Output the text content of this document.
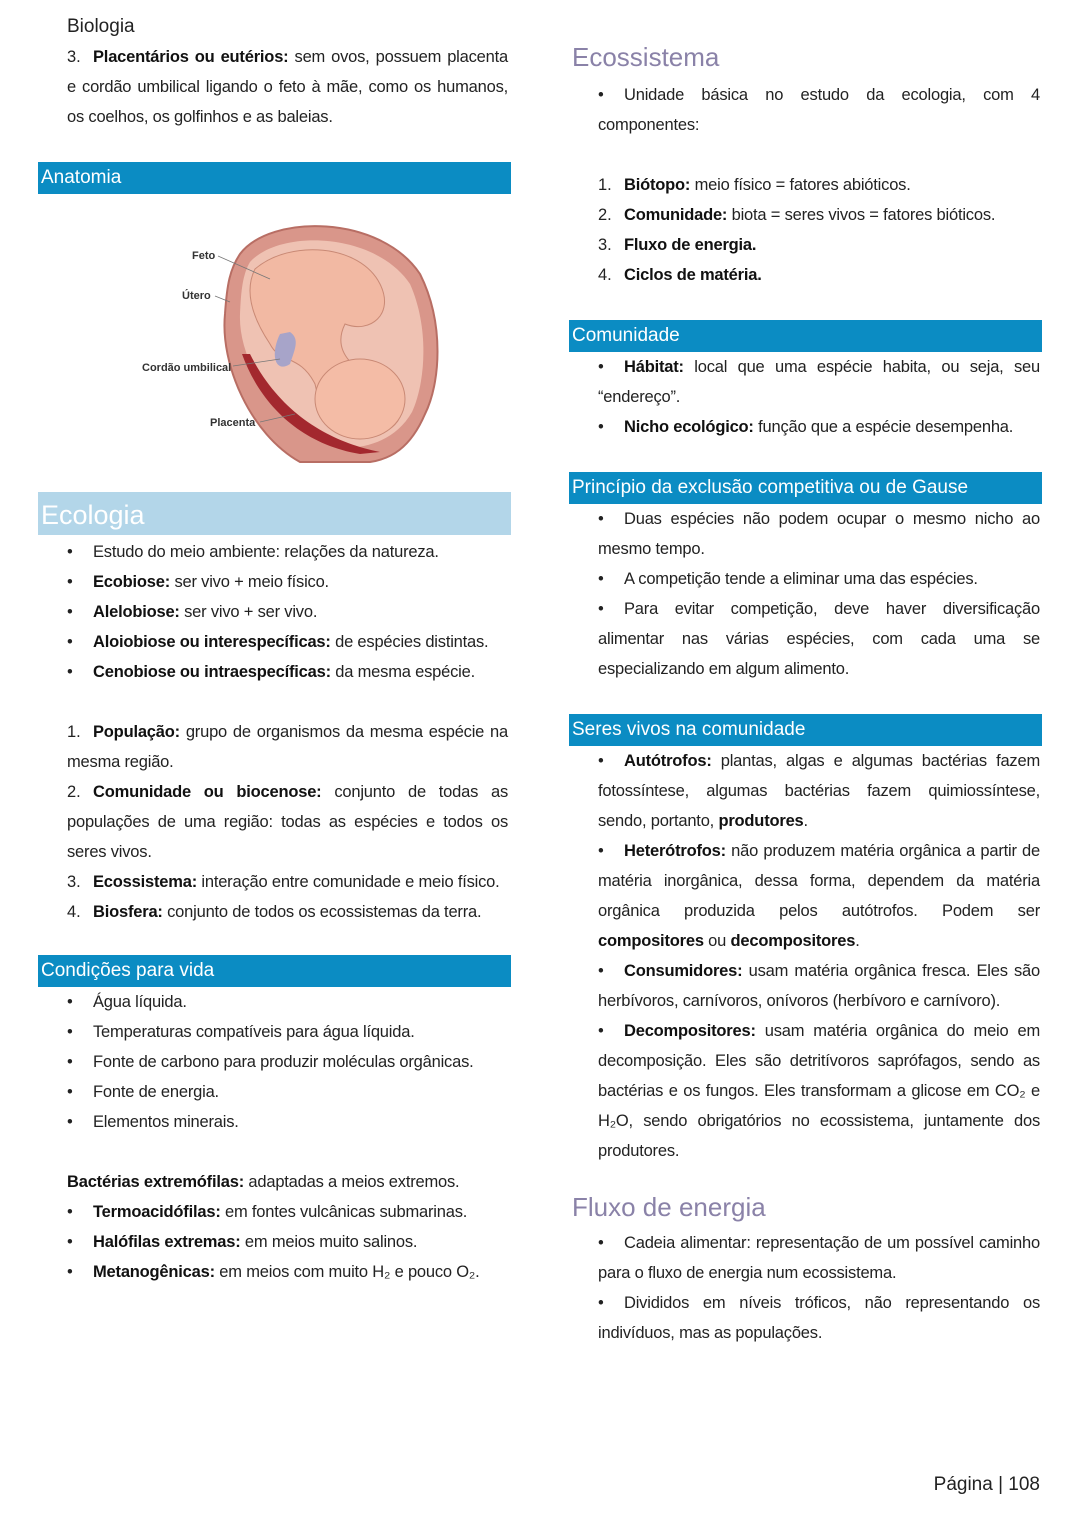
Biologia

3. Placentários ou eutérios: sem ovos, possuem placenta e cordão umbilical ligando o feto à mãe, como os humanos, os coelhos, os golfinhos e as baleias.

Anatomia
Feto
Útero
Cordão umbilical
Placenta
Ecologia

• Estudo do meio ambiente: relações da natureza.

• Ecobiose: ser vivo + meio físico.

• Alelobiose: ser vivo + ser vivo.

• Aloiobiose ou interespecíficas: de espécies distintas.

• Cenobiose ou intraespecíficas: da mesma espécie.

1. População: grupo de organismos da mesma espécie na mesma região.

2. Comunidade ou biocenose: conjunto de todas as populações de uma região: todas as espécies e todos os seres vivos.

3. Ecossistema: interação entre comunidade e meio físico.

4. Biosfera: conjunto de todos os ecossistemas da terra.

Condições para vida

• Água líquida.

• Temperaturas compatíveis para água líquida.

• Fonte de carbono para produzir moléculas orgânicas.

• Fonte de energia.

• Elementos minerais.

Bactérias extremófilas: adaptadas a meios extremos.

• Termoacidófilas: em fontes vulcânicas submarinas.

• Halófilas extremas: em meios muito salinos.

• Metanogênicas: em meios com muito H₂ e pouco O₂.

Ecossistema

• Unidade básica no estudo da ecologia, com 4 componentes:

1. Biótopo: meio físico = fatores abióticos.

2. Comunidade: biota = seres vivos = fatores bióticos.

3. Fluxo de energia.

4. Ciclos de matéria.

Comunidade

• Hábitat: local que uma espécie habita, ou seja, seu “endereço”.

• Nicho ecológico: função que a espécie desempenha.

Princípio da exclusão competitiva ou de Gause

• Duas espécies não podem ocupar o mesmo nicho ao mesmo tempo.

• A competição tende a eliminar uma das espécies.

• Para evitar competição, deve haver diversificação alimentar nas várias espécies, com cada uma se especializando em algum alimento.

Seres vivos na comunidade

• Autótrofos: plantas, algas e algumas bactérias fazem fotossíntese, algumas bactérias fazem quimiossíntese, sendo, portanto, produtores.

• Heterótrofos: não produzem matéria orgânica a partir de matéria inorgânica, dessa forma, dependem da matéria orgânica produzida pelos autótrofos. Podem ser compositores ou decompositores.

• Consumidores: usam matéria orgânica fresca. Eles são herbívoros, carnívoros, onívoros (herbívoro e carnívoro).

• Decompositores: usam matéria orgânica do meio em decomposição. Eles são detritívoros saprófagos, sendo as bactérias e os fungos. Eles transformam a glicose em CO₂ e H₂O, sendo obrigatórios no ecossistema, juntamente dos produtores.

Fluxo de energia

• Cadeia alimentar: representação de um possível caminho para o fluxo de energia num ecossistema.

• Divididos em níveis tróficos, não representando os indivíduos, mas as populações.

Página | 108
